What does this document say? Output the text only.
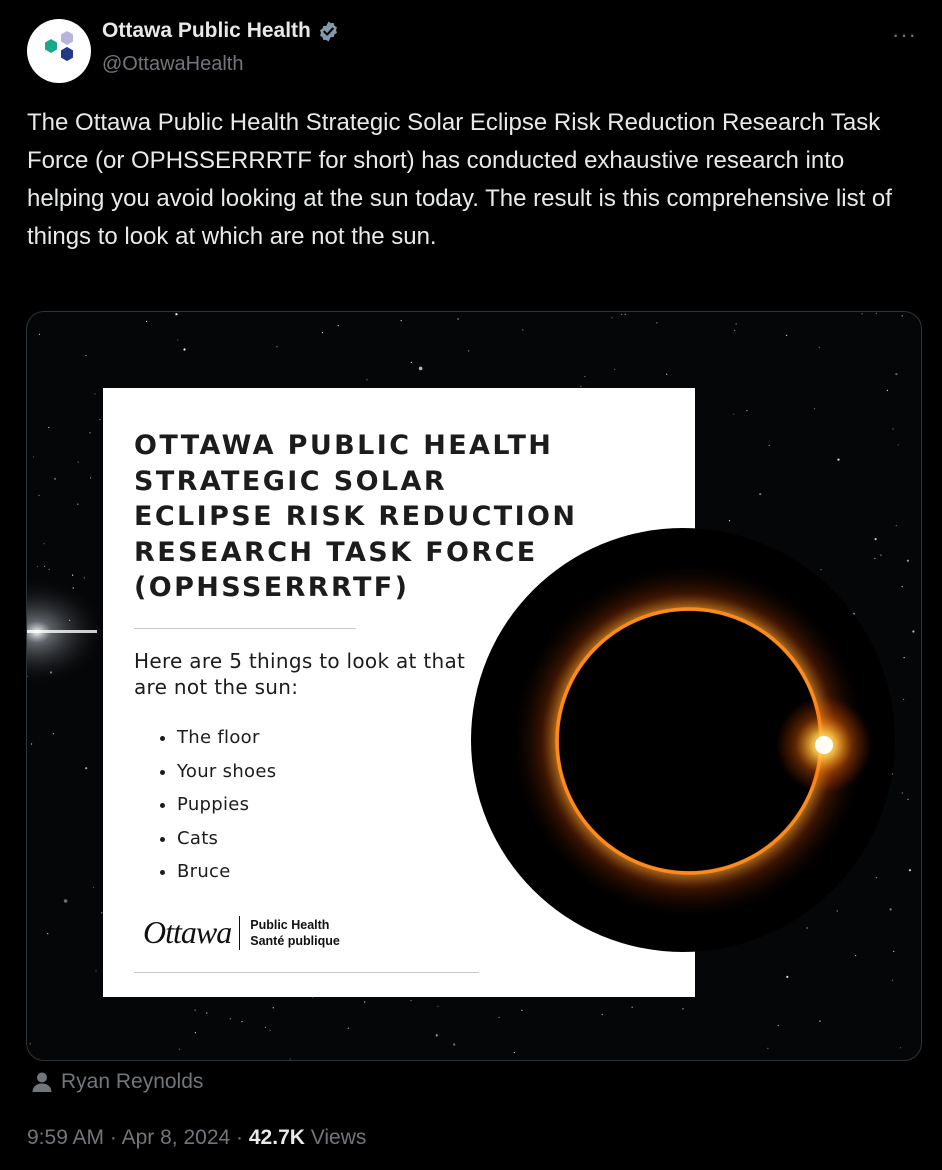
Ottawa Public Health
@OttawaHealth
···

The Ottawa Public Health Strategic Solar Eclipse Risk Reduction Research Task Force (or OPHSSERRRTF for short) has conducted exhaustive research into helping you avoid looking at the sun today. The result is this comprehensive list of things to look at which are not the sun.

OTTAWA PUBLIC HEALTH STRATEGIC SOLAR ECLIPSE RISK REDUCTION RESEARCH TASK FORCE (OPHSSERRRTF)

Here are 5 things to look at that are not the sun:

The floor
Your shoes
Puppies
Cats
Bruce
Ottawa Public Health
Santé publique
Ryan Reynolds
9:59 AM · Apr 8, 2024 · 42.7K Views
